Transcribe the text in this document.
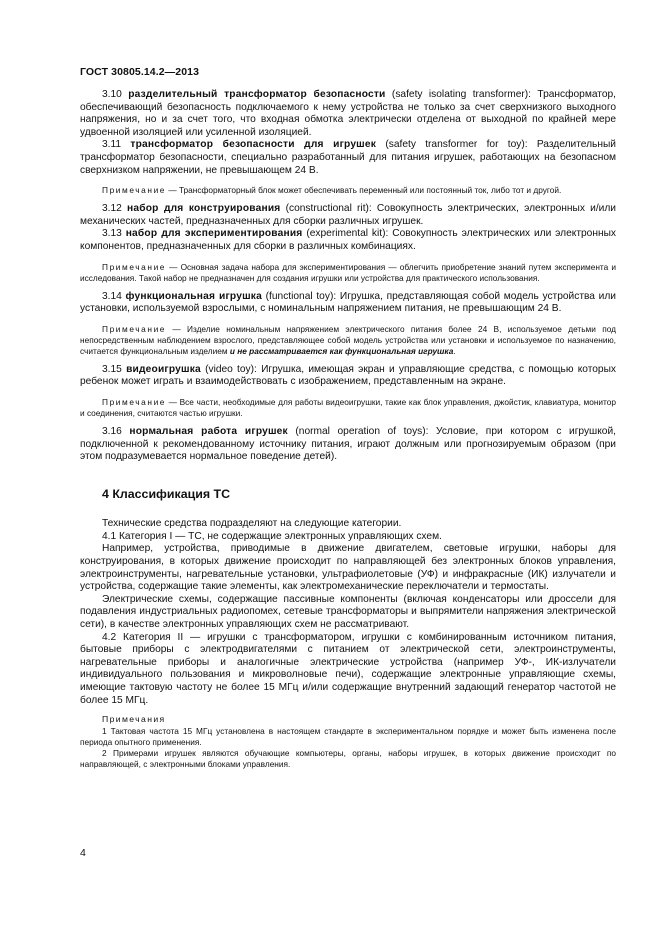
ГОСТ 30805.14.2—2013

3.10 разделительный трансформатор безопасности (safety isolating transformer): Трансформатор, обеспечивающий безопасность подключаемого к нему устройства не только за счет сверхнизкого выходного напряжения, но и за счет того, что входная обмотка электрически отделена от выходной по крайней мере удвоенной изоляцией или усиленной изоляцией.

3.11 трансформатор безопасности для игрушек (safety transformer for toy): Разделительный трансформатор безопасности, специально разработанный для питания игрушек, работающих на безопасном сверхнизком напряжении, не превышающем 24 В.

Примечание — Трансформаторный блок может обеспечивать переменный или постоянный ток, либо тот и другой.

3.12 набор для конструирования (constructional rit): Совокупность электрических, электронных и/или механических частей, предназначенных для сборки различных игрушек.

3.13 набор для экспериментирования (experimental kit): Совокупность электрических или электронных компонентов, предназначенных для сборки в различных комбинациях.

Примечание — Основная задача набора для экспериментирования — облегчить приобретение знаний путем эксперимента и исследования. Такой набор не предназначен для создания игрушки или устройства для практического использования.

3.14 функциональная игрушка (functional toy): Игрушка, представляющая собой модель устройства или установки, используемой взрослыми, с номинальным напряжением питания, не превышающим 24 В.

Примечание — Изделие номинальным напряжением электрического питания более 24 В, используемое детьми под непосредственным наблюдением взрослого, представляющее собой модель устройства или установки и используемое по назначению, считается функциональным изделием и не рассматривается как функциональная игрушка.

3.15 видеоигрушка (video toy): Игрушка, имеющая экран и управляющие средства, с помощью которых ребенок может играть и взаимодействовать с изображением, представленным на экране.

Примечание — Все части, необходимые для работы видеоигрушки, такие как блок управления, джойстик, клавиатура, монитор и соединения, считаются частью игрушки.

3.16 нормальная работа игрушек (normal operation of toys): Условие, при котором с игрушкой, подключенной к рекомендованному источнику питания, играют должным или прогнозируемым образом (при этом подразумевается нормальное поведение детей).

4 Классификация ТС

Технические средства подразделяют на следующие категории.

4.1 Категория I — ТС, не содержащие электронных управляющих схем.

Например, устройства, приводимые в движение двигателем, световые игрушки, наборы для конструирования, в которых движение происходит по направляющей без электронных блоков управления, электроинструменты, нагревательные установки, ультрафиолетовые (УФ) и инфракрасные (ИК) излучатели и устройства, содержащие такие элементы, как электромеханические переключатели и термостаты.

Электрические схемы, содержащие пассивные компоненты (включая конденсаторы или дроссели для подавления индустриальных радиопомех, сетевые трансформаторы и выпрямители напряжения электрической сети), в качестве электронных управляющих схем не рассматривают.

4.2 Категория II — игрушки с трансформатором, игрушки с комбинированным источником питания, бытовые приборы с электродвигателями с питанием от электрической сети, электроинструменты, нагревательные приборы и аналогичные электрические устройства (например УФ-, ИК-излучатели индивидуального пользования и микроволновые печи), содержащие электронные управляющие схемы, имеющие тактовую частоту не более 15 МГц и/или содержащие внутренний задающий генератор частотой не более 15 МГц.

Примечания

1 Тактовая частота 15 МГц установлена в настоящем стандарте в экспериментальном порядке и может быть изменена после периода опытного применения.

2 Примерами игрушек являются обучающие компьютеры, органы, наборы игрушек, в которых движение происходит по направляющей, с электронными блоками управления.

4
